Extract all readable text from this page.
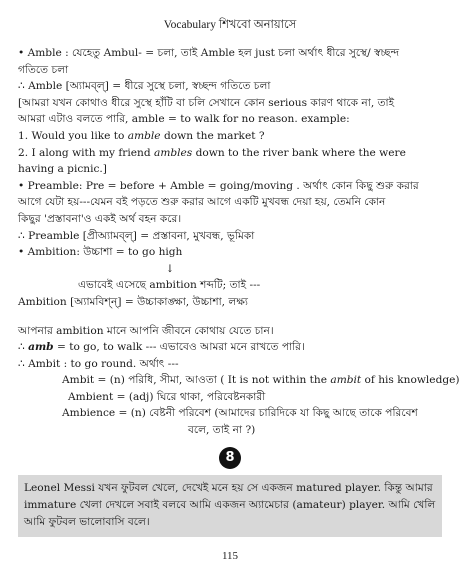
Vocabulary শিখবো অনায়াসে
• Amble : যেহেতু Ambul- = চলা, তাই Amble হল just চলা অর্থাৎ ধীরে সুস্থে/ স্বচ্ছন্দ
গতিতে চলা
∴ Amble [অ্যামব্‌ল্‌] = ধীরে সুস্থে চলা, স্বচ্ছন্দ গতিতে চলা
[আমরা যখন কোথাও ধীরে সুস্থে হাঁটি বা চলি সেখানে কোন serious কারণ থাকে না, তাই
আমরা এটাও বলতে পারি, amble = to walk for no reason. example:
1. Would you like to amble down the market ?
2. I along with my friend ambles down to the river bank where the were
having a picnic.]
• Preamble: Pre = before + Amble = going/moving . অর্থাৎ কোন কিছু শুরু করার
আগে যেটা হয়---যেমন বই পড়তে শুরু করার আগে একটি মুখবন্ধ দেয়া হয়, তেমনি কোন
কিছুর 'প্রস্তাবনা'ও একই অর্থ বহন করে।
∴ Preamble [প্রীঅ্যামব্‌ল্‌] = প্রস্তাবনা, মুখবন্ধ, ভূমিকা
• Ambition: উচ্চাশা = to go high
↓
এভাবেই এসেছে ambition শব্দটি; তাই ---
Ambition [অ্যামবিশ্‌ন্‌] = উচ্চাকাঙ্ক্ষা, উচ্চাশা, লক্ষ্য
আপনার ambition মানে আপনি জীবনে কোথায় যেতে চান।
∴ amb = to go, to walk --- এভাবেও আমরা মনে রাখতে পারি।
∴ Ambit : to go round. অর্থাৎ ---
Ambit = (n) পরিধি, সীমা, আওতা ( It is not within the ambit of his knowledge)
Ambient = (adj) ঘিরে থাকা, পরিবেষ্টনকারী
Ambience = (n) বেষ্টনী পরিবেশ (আমাদের চারিদিকে যা কিছু আছে তাকে পরিবেশ
বলে, তাই না ?)
8
Leonel Messi যখন ফুটবল খেলে, দেখেই মনে হয় সে একজন matured player. কিন্তু আমার immature খেলা দেখলে সবাই বলবে আমি একজন অ্যামেচার (amateur) player. আমি খেলি আমি ফুটবল ভালোবাসি বলে।
115
